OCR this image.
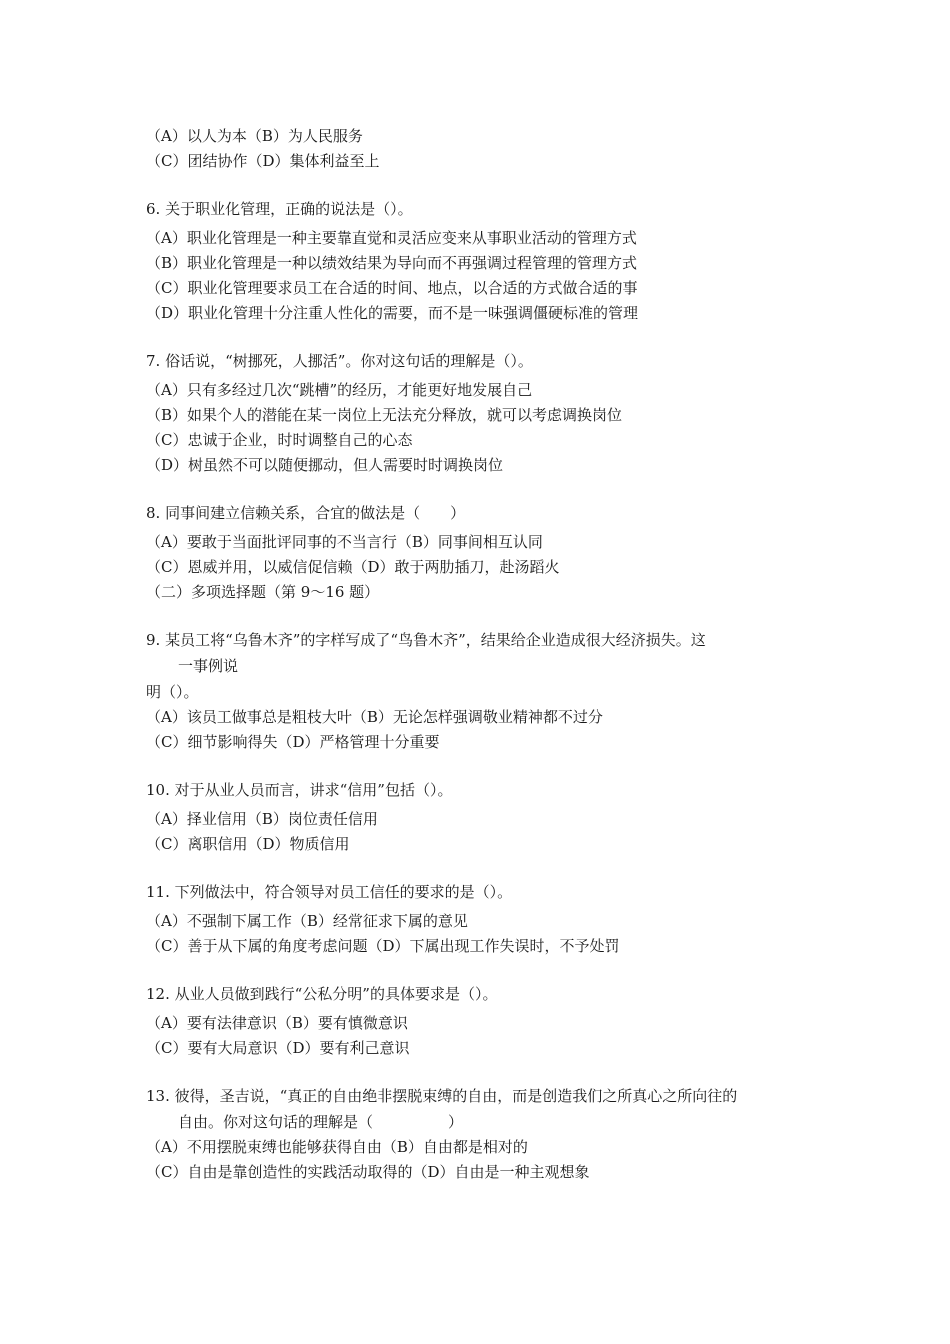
（A）以人为本（B）为人民服务
（C）团结协作（D）集体利益至上
6. 关于职业化管理，正确的说法是（）。
（A）职业化管理是一种主要靠直觉和灵活应变来从事职业活动的管理方式
（B）职业化管理是一种以绩效结果为导向而不再强调过程管理的管理方式
（C）职业化管理要求员工在合适的时间、地点，以合适的方式做合适的事
（D）职业化管理十分注重人性化的需要，而不是一味强调僵硬标准的管理
7. 俗话说，“树挪死，人挪活”。你对这句话的理解是（）。
（A）只有多经过几次“跳槽”的经历，才能更好地发展自己
（B）如果个人的潜能在某一岗位上无法充分释放，就可以考虑调换岗位
（C）忠诚于企业，时时调整自己的心态
（D）树虽然不可以随便挪动，但人需要时时调换岗位
8. 同事间建立信赖关系，合宜的做法是（　　）
（A）要敢于当面批评同事的不当言行（B）同事间相互认同
（C）恩威并用，以威信促信赖（D）敢于两肋插刀，赴汤蹈火
（二）多项选择题（第 9～16 题）
9. 某员工将“乌鲁木齐”的字样写成了“鸟鲁木齐”，结果给企业造成很大经济损失。这
一事例说
明（）。
（A）该员工做事总是粗枝大叶（B）无论怎样强调敬业精神都不过分
（C）细节影响得失（D）严格管理十分重要
10. 对于从业人员而言，讲求“信用”包括（）。
（A）择业信用（B）岗位责任信用
（C）离职信用（D）物质信用
11. 下列做法中，符合领导对员工信任的要求的是（）。
（A）不强制下属工作（B）经常征求下属的意见
（C）善于从下属的角度考虑问题（D）下属出现工作失误时，不予处罚
12. 从业人员做到践行“公私分明”的具体要求是（）。
（A）要有法律意识（B）要有慎微意识
（C）要有大局意识（D）要有利己意识
13. 彼得，圣吉说，“真正的自由绝非摆脱束缚的自由，而是创造我们之所真心之所向往的
自由。你对这句话的理解是（　　　　　）
（A）不用摆脱束缚也能够获得自由（B）自由都是相对的
（C）自由是靠创造性的实践活动取得的（D）自由是一种主观想象
